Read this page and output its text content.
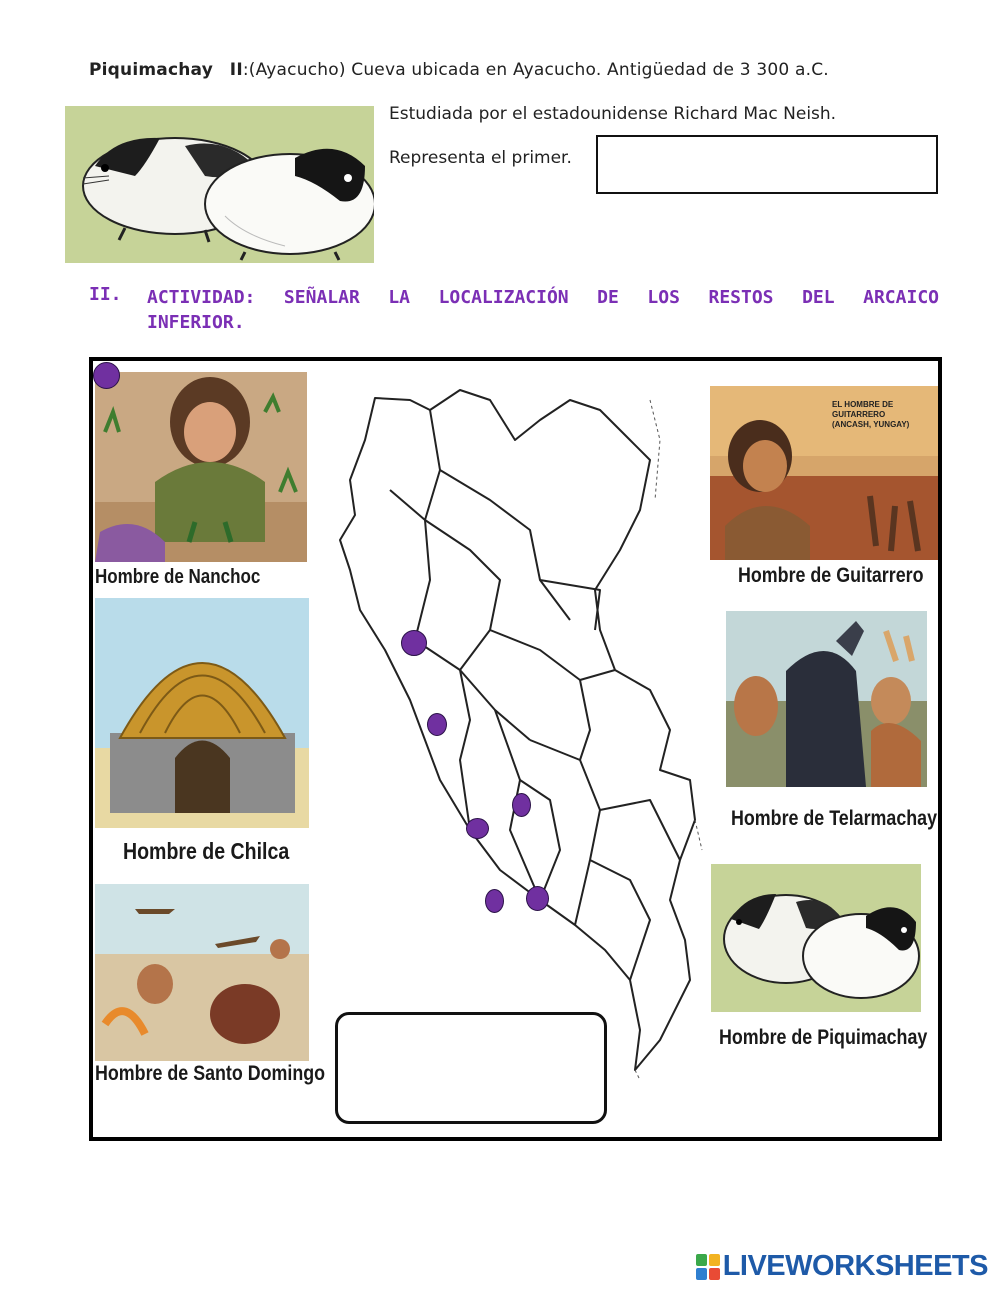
Piquimachay II:(Ayacucho) Cueva ubicada en Ayacucho. Antigüedad de 3 300 a.C.
Estudiada por el estadounidense Richard Mac Neish.
Representa el primer.
II. ACTIVIDAD: SEÑALAR LA LOCALIZACIÓN DE LOS RESTOS DEL ARCAICO
INFERIOR.
Hombre de Nanchoc
Hombre de Chilca
Hombre de Santo Domingo
EL HOMBRE DE
GUITARRERO
(ANCASH, YUNGAY)
Hombre de Guitarrero
Hombre de Telarmachay
Hombre de Piquimachay
LIVEWORKSHEETS
